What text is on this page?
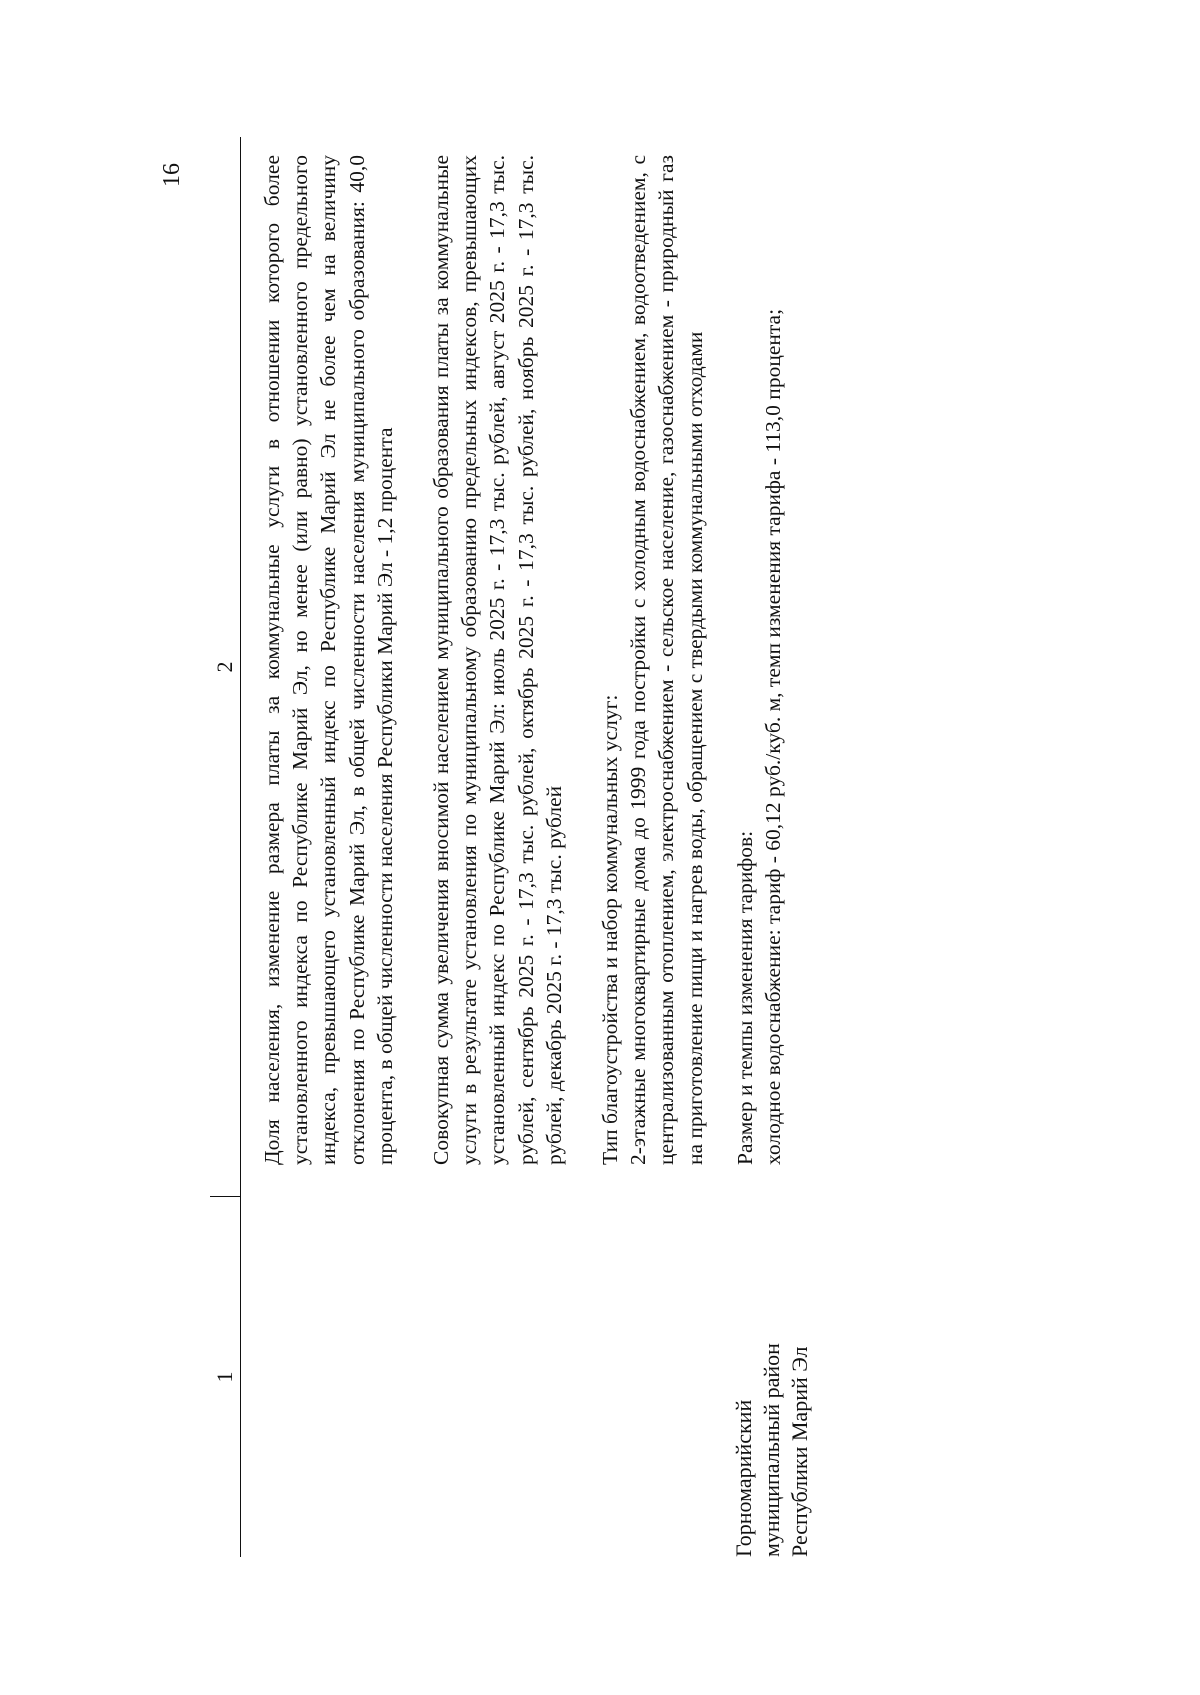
16
1
2
Горномарийский муниципальный район Республики Марий Эл

Доля населения, изменение размера платы за коммунальные услуги в отношении которого более установленного индекса по Республике Марий Эл, но менее (или равно) установленного предельного индекса, превышающего установленный индекс по Республике Марий Эл не более чем на величину отклонения по Республике Марий Эл, в общей численности населения муниципального образования: 40,0 процента, в общей численности населения Республики Марий Эл - 1,2 процента Совокупная сумма увеличения вносимой населением муниципального образования платы за коммунальные услуги в результате установления по муниципальному образованию предельных индексов, превышающих установленный индекс по Республике Марий Эл: июль 2025 г. - 17,3 тыс. рублей, август 2025 г. - 17,3 тыс. рублей, сентябрь 2025 г. - 17,3 тыс. рублей, октябрь 2025 г. - 17,3 тыс. рублей, ноябрь 2025 г. - 17,3 тыс. рублей, декабрь 2025 г. - 17,3 тыс. рублей Тип благоустройства и набор коммунальных услуг: 2-этажные многоквартирные дома до 1999 года постройки с холодным водоснабжением, водоотведением, с централизованным отоплением, электроснабжением - сельское население, газоснабжением - природный газ на приготовление пищи и нагрев воды, обращением с твердыми коммунальными отходами Размер и темпы изменения тарифов: холодное водоснабжение: тариф - 60,12 руб./куб. м, темп изменения тарифа - 113,0 процента;
